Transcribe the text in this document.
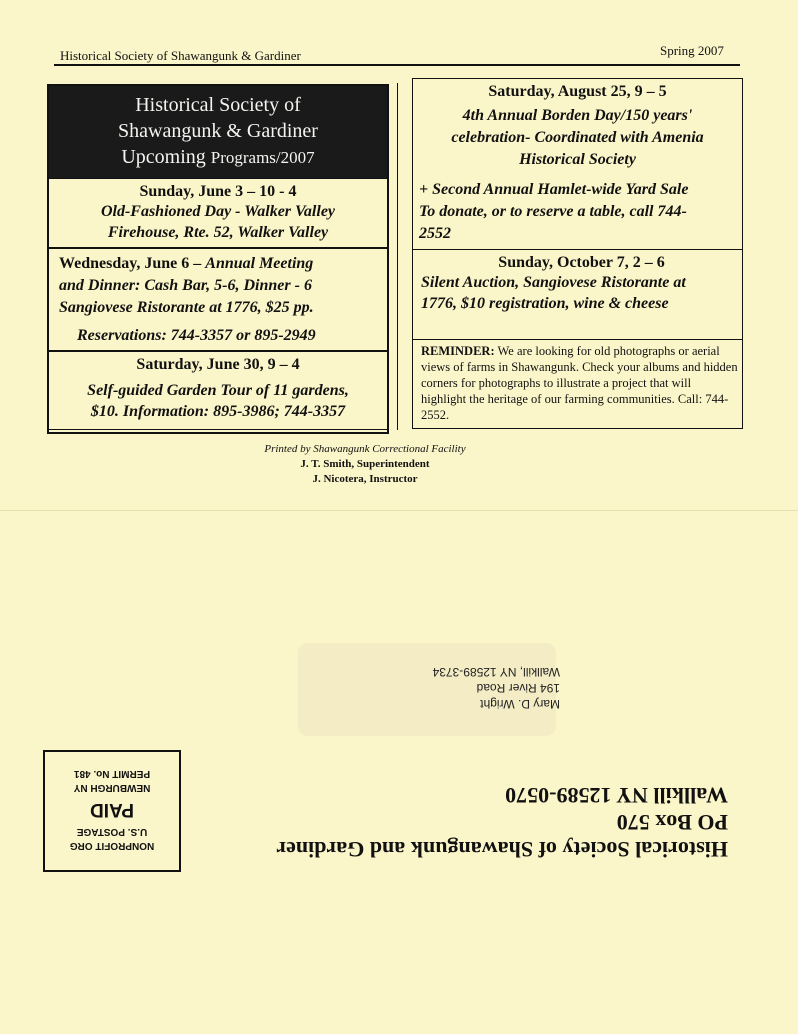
Historical Society of Shawangunk & Gardiner	Spring 2007
Historical Society of
Shawangunk & Gardiner
Upcoming Programs/2007
Sunday, June 3 – 10 - 4
Old-Fashioned Day - Walker Valley
Firehouse, Rte. 52, Walker Valley
Wednesday, June 6 – Annual Meeting
and Dinner: Cash Bar, 5-6, Dinner - 6
Sangiovese Ristorante at 1776, $25 pp.
Reservations: 744-3357 or 895-2949
Saturday, June 30, 9 – 4
Self-guided Garden Tour of 11 gardens,
$10. Information: 895-3986; 744-3357
Saturday, August 25, 9 – 5
4th Annual Borden Day/150 years'
celebration- Coordinated with Amenia
Historical Society
+ Second Annual Hamlet-wide Yard Sale
To donate, or to reserve a table, call 744-
2552
Sunday, October 7, 2 – 6
Silent Auction, Sangiovese Ristorante at
1776, $10 registration, wine & cheese
REMINDER: We are looking for old photographs or aerial views of farms in Shawangunk. Check your albums and hidden corners for photographs to illustrate a project that will highlight the heritage of our farming communities. Call: 744-2552.
Printed by Shawangunk Correctional Facility
J. T. Smith, Superintendent
J. Nicotera, Instructor
Mary D. Wright
194 River Road
Wallkill, NY 12589-3734
NONPROFIT ORG
U.S. POSTAGE
PAID
NEWBURGH NY
PERMIT No. 481
Historical Society of Shawangunk and Gardiner
PO Box 570
Wallkill NY 12589-0570
